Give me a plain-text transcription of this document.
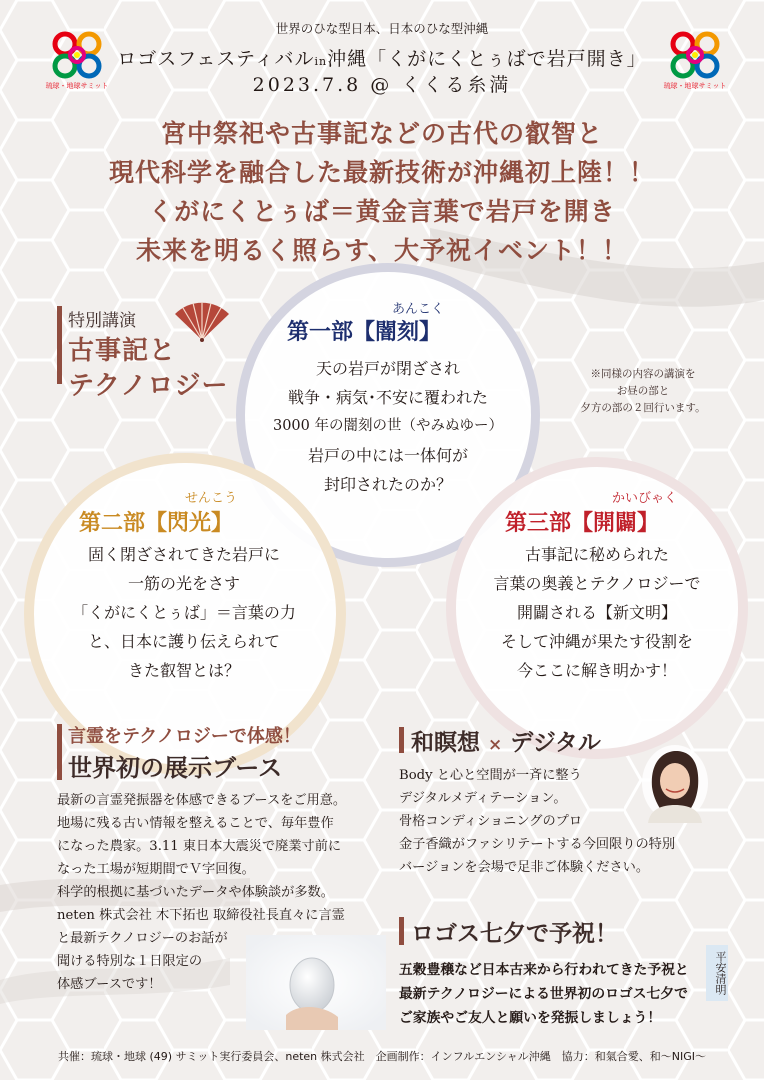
世界のひな型日本、日本のひな型沖縄
ロゴスフェスティバルin沖縄「くがにくとぅばで岩戸開き」
2023.7.8 @ くくる糸満
琉球・地球サミット	琉球・地球サミット
宮中祭祀や古事記などの古代の叡智と
現代科学を融合した最新技術が沖縄初上陸！！
くがにくとぅば＝黄金言葉で岩戸を開き
未来を明るく照らす、大予祝イベント！！
特別講演
古事記と
テクノロジー
あんこく
第一部【闇刻】
天の岩戸が閉ざされ
戦争・病気･不安に覆われた
3000 年の闇刻の世（やみぬゆー）
岩戸の中には一体何が
封印されたのか？
※同様の内容の講演を
お昼の部と
夕方の部の２回行います。
せんこう
第二部【閃光】
固く閉ざされてきた岩戸に
一筋の光をさす
「くがにくとぅば」＝言葉の力
と、日本に護り伝えられて
きた叡智とは？
かいびゃく
第三部【開闢】
古事記に秘められた
言葉の奥義とテクノロジーで
開闢される【新文明】
そして沖縄が果たす役割を
今ここに解き明かす！
言霊をテクノロジーで体感！
世界初の展示ブース
最新の言霊発振器を体感できるブースをご用意。
地場に残る古い情報を整えることで、毎年豊作
になった農家。3.11 東日本大震災で廃業寸前に
なった工場が短期間でＶ字回復。
科学的根拠に基づいたデータや体験談が多数。
neten 株式会社 木下拓也 取締役社長直々に言霊
と最新テクノロジーのお話が
聞ける特別な１日限定の
体感ブースです！
和瞑想 × デジタル
Body と心と空間が一斉に整う
デジタルメディテーション。
骨格コンディショニングのプロ
金子香織がファシリテートする今回限りの特別
バージョンを会場で足非ご体験ください。
ロゴス七夕で予祝！
五穀豊穣など日本古来から行われてきた予祝と
最新テクノロジーによる世界初のロゴス七夕で
ご家族やご友人と願いを発振しましょう！
平安清明
共催：琉球・地球 (49) サミット実行委員会、neten 株式会社　企画制作：インフルエンシャル沖縄　協力：和氣合愛、和〜NIGI〜
